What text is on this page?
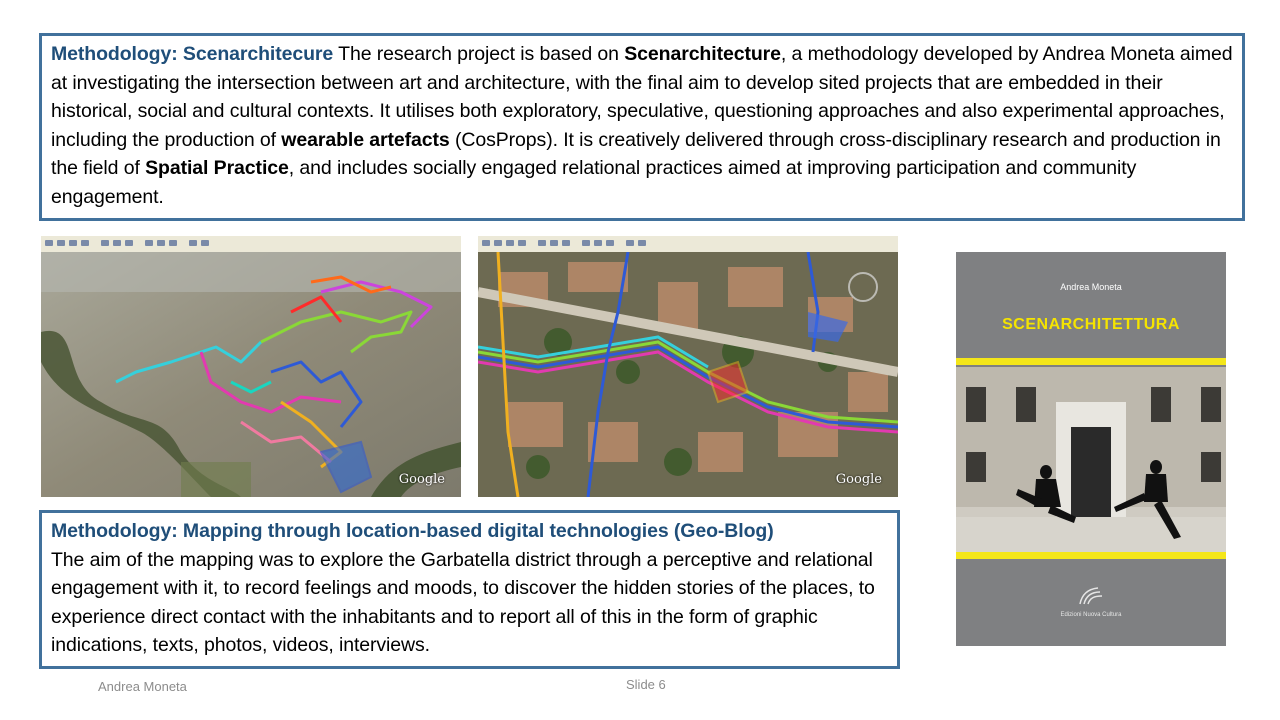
Methodology: Scenarchitecure The research project is based on Scenarchitecture, a methodology developed by Andrea Moneta aimed at investigating the intersection between art and architecture, with the final aim to develop sited projects that are embedded in their historical, social and cultural contexts. It utilises both exploratory, speculative, questioning approaches and also experimental approaches, including the production of wearable artefacts (CosProps). It is creatively delivered through cross-disciplinary research and production in the field of Spatial Practice, and includes socially engaged relational practices aimed at improving participation and community engagement.

Google	Google
Andrea Moneta
SCENARCHITETTURA
Edizioni Nuova Cultura

Methodology: Mapping through location-based digital technologies (Geo-Blog)
The aim of the mapping was to explore the Garbatella district through a perceptive and relational engagement with it, to record feelings and moods, to discover the hidden stories of the places, to experience direct contact with the inhabitants and to report all of this in the form of graphic indications, texts, photos, videos, interviews.

Andrea Moneta	Slide 6
